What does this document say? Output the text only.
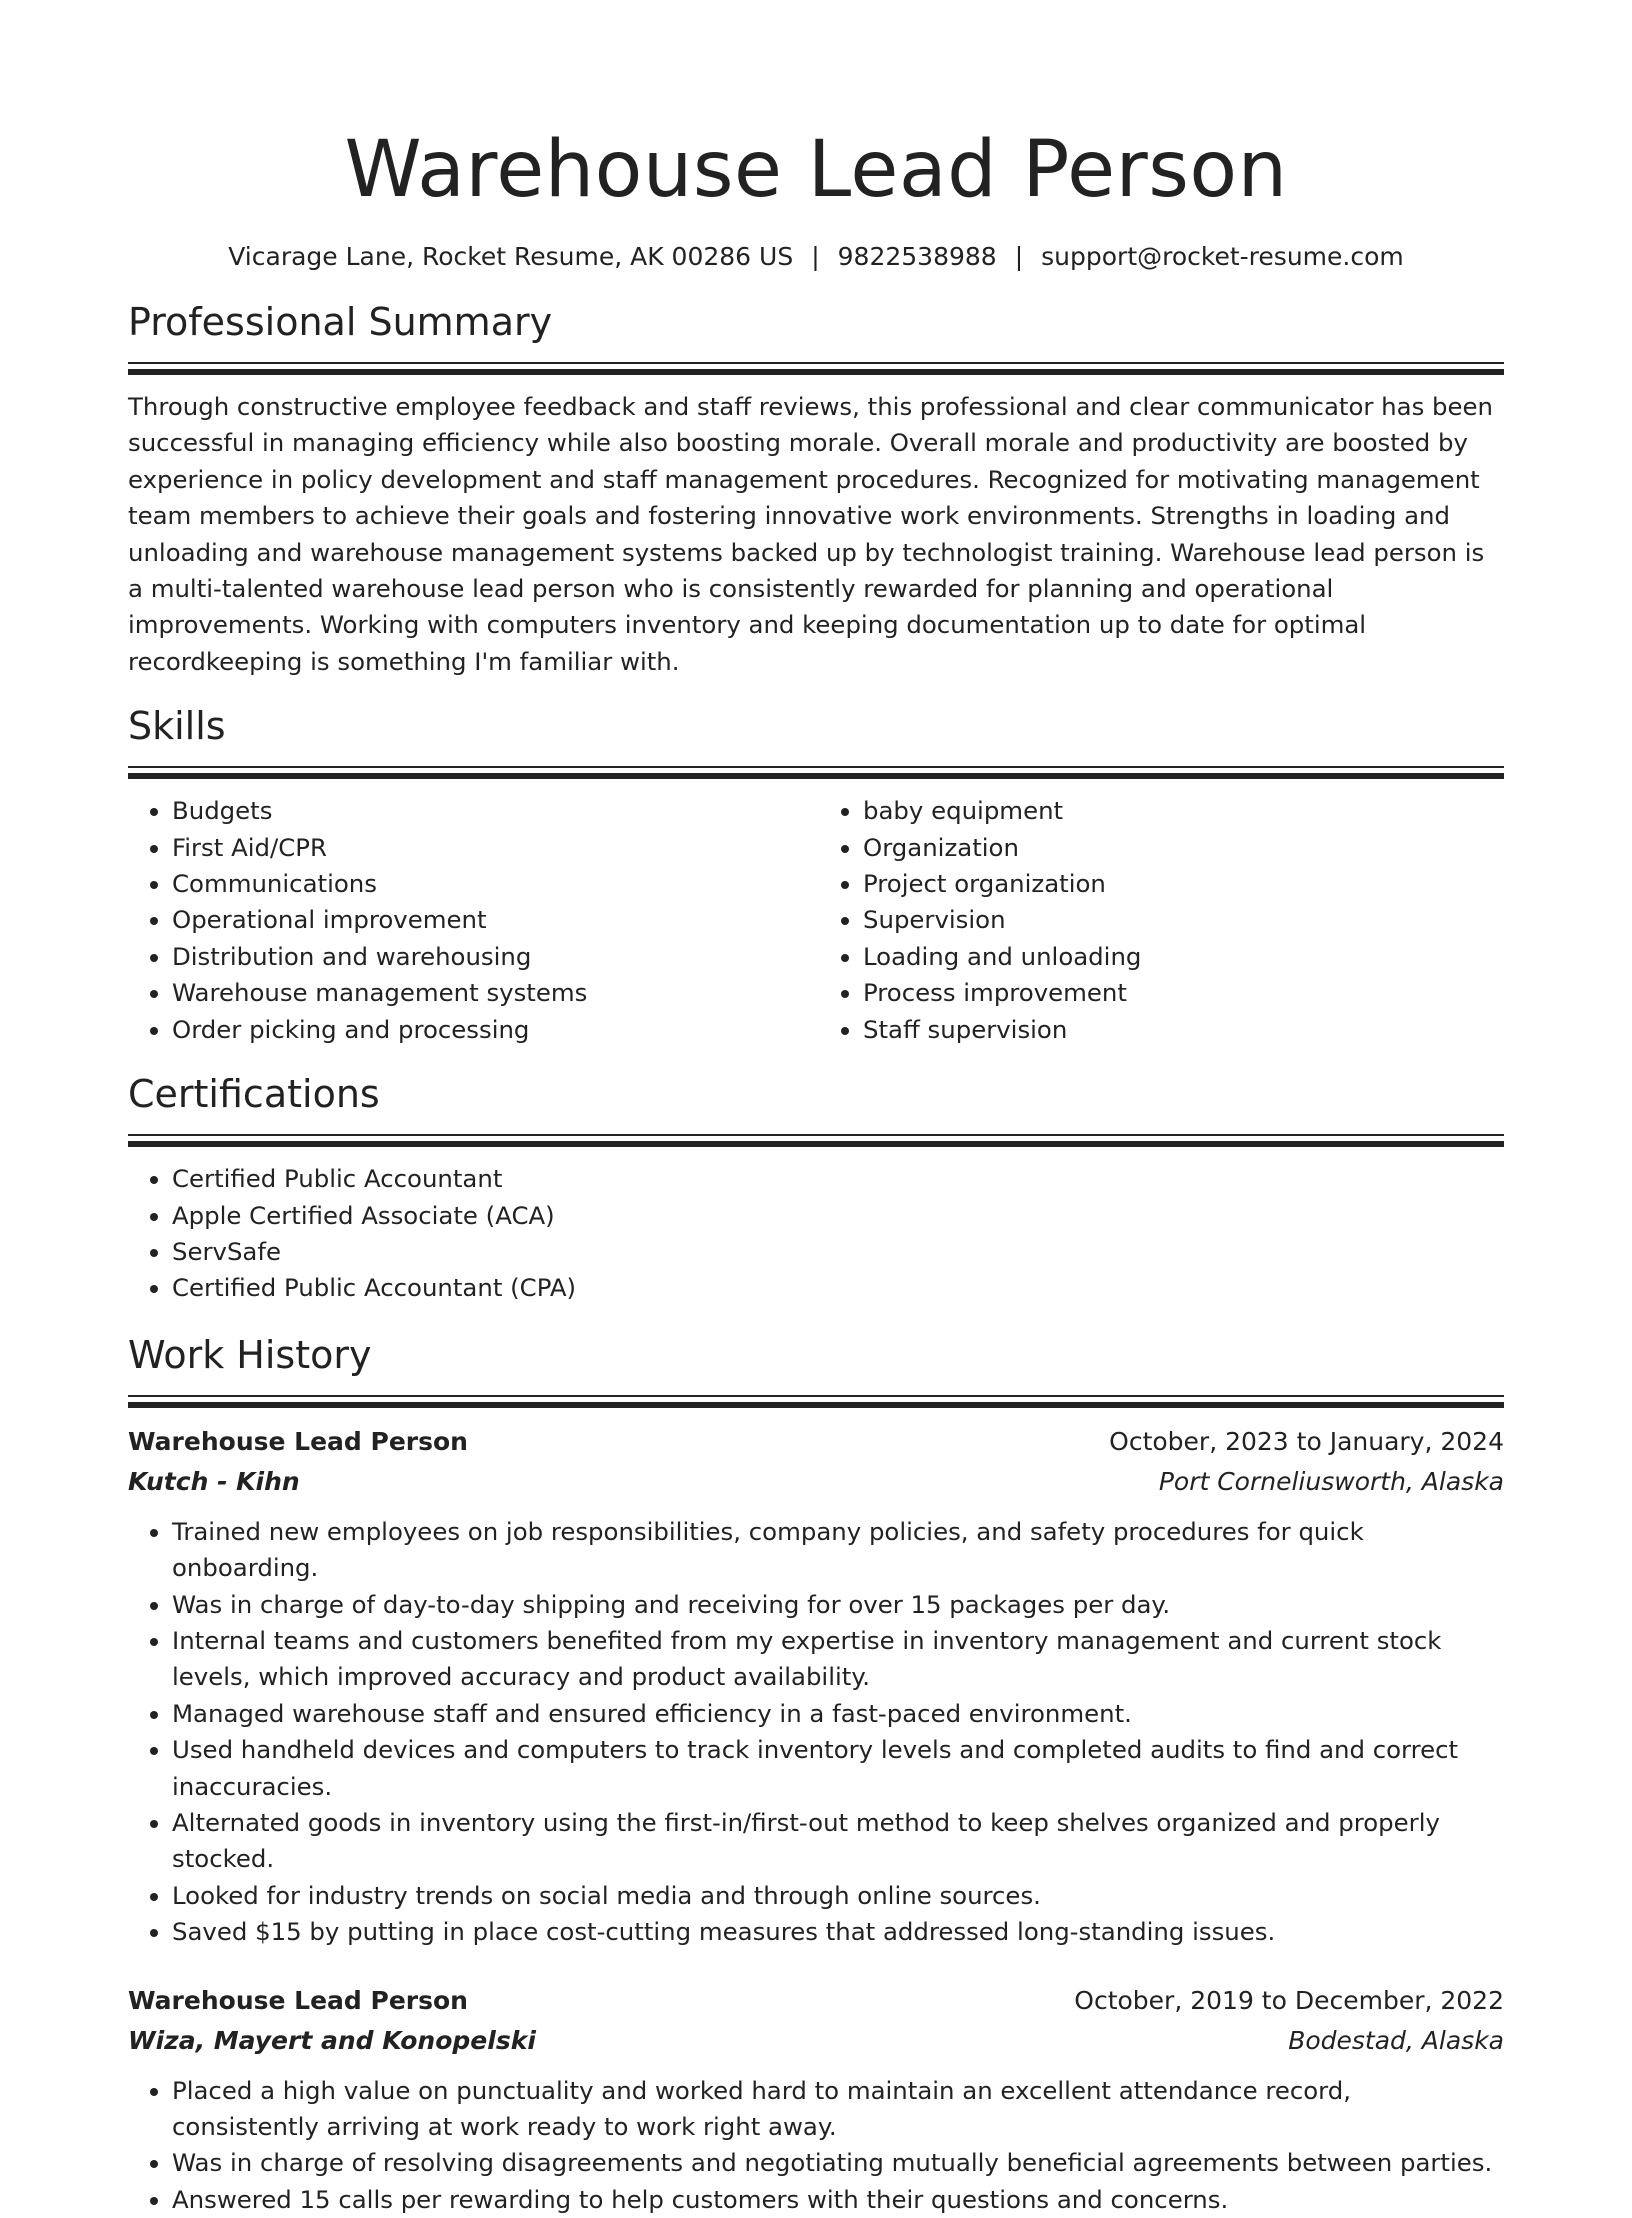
Warehouse Lead Person
Vicarage Lane, Rocket Resume, AK 00286 US | 9822538988 | support@rocket-resume.com
Professional Summary

Through constructive employee feedback and staff reviews, this professional and clear communicator has been successful in managing efficiency while also boosting morale. Overall morale and productivity are boosted by experience in policy development and staff management procedures. Recognized for motivating management team members to achieve their goals and fostering innovative work environments. Strengths in loading and unloading and warehouse management systems backed up by technologist training. Warehouse lead person is a multi-talented warehouse lead person who is consistently rewarded for planning and operational improvements. Working with computers inventory and keeping documentation up to date for optimal recordkeeping is something I'm familiar with.

Skills
• Budgets
• First Aid/CPR
• Communications
• Operational improvement
• Distribution and warehousing
• Warehouse management systems
• Order picking and processing
• baby equipment
• Organization
• Project organization
• Supervision
• Loading and unloading
• Process improvement
• Staff supervision
Certifications
• Certified Public Accountant
• Apple Certified Associate (ACA)
• ServSafe
• Certified Public Accountant (CPA)
Work History
Warehouse Lead Person	October, 2023 to January, 2024
Kutch - Kihn	Port Corneliusworth, Alaska
• Trained new employees on job responsibilities, company policies, and safety procedures for quick onboarding.
• Was in charge of day-to-day shipping and receiving for over 15 packages per day.
• Internal teams and customers benefited from my expertise in inventory management and current stock levels, which improved accuracy and product availability.
• Managed warehouse staff and ensured efficiency in a fast-paced environment.
• Used handheld devices and computers to track inventory levels and completed audits to find and correct inaccuracies.
• Alternated goods in inventory using the first-in/first-out method to keep shelves organized and properly stocked.
• Looked for industry trends on social media and through online sources.
• Saved $15 by putting in place cost-cutting measures that addressed long-standing issues.
Warehouse Lead Person	October, 2019 to December, 2022
Wiza, Mayert and Konopelski	Bodestad, Alaska
• Placed a high value on punctuality and worked hard to maintain an excellent attendance record, consistently arriving at work ready to work right away.
• Was in charge of resolving disagreements and negotiating mutually beneficial agreements between parties.
• Answered 15 calls per rewarding to help customers with their questions and concerns.
